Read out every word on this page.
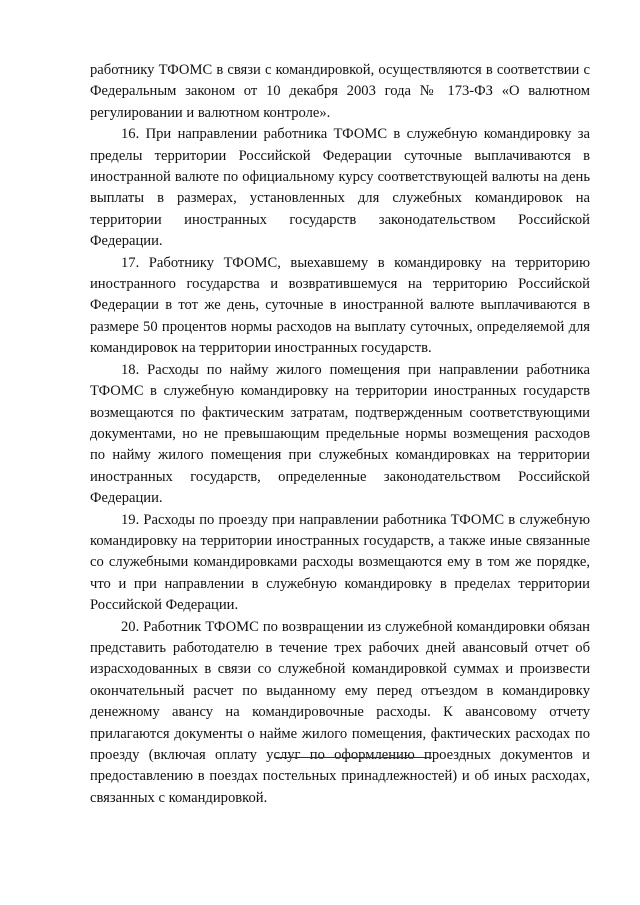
работнику ТФОМС в связи с командировкой, осуществляются в соответствии с Федеральным законом от 10 декабря 2003 года № 173-ФЗ «О валютном регулировании и валютном контроле».

16. При направлении работника ТФОМС в служебную командировку за пределы территории Российской Федерации суточные выплачиваются в иностранной валюте по официальному курсу соответствующей валюты на день выплаты в размерах, установленных для служебных командировок на территории иностранных государств законодательством Российской Федерации.

17. Работнику ТФОМС, выехавшему в командировку на территорию иностранного государства и возвратившемуся на территорию Российской Федерации в тот же день, суточные в иностранной валюте выплачиваются в размере 50 процентов нормы расходов на выплату суточных, определяемой для командировок на территории иностранных государств.

18. Расходы по найму жилого помещения при направлении работника ТФОМС в служебную командировку на территории иностранных государств возмещаются по фактическим затратам, подтвержденным соответствующими документами, но не превышающим предельные нормы возмещения расходов по найму жилого помещения при служебных командировках на территории иностранных государств, определенные законодательством Российской Федерации.

19. Расходы по проезду при направлении работника ТФОМС в служебную командировку на территории иностранных государств, а также иные связанные со служебными командировками расходы возмещаются ему в том же порядке, что и при направлении в служебную командировку в пределах территории Российской Федерации.

20. Работник ТФОМС по возвращении из служебной командировки обязан представить работодателю в течение трех рабочих дней авансовый отчет об израсходованных в связи со служебной командировкой суммах и произвести окончательный расчет по выданному ему перед отъездом в командировку денежному авансу на командировочные расходы. К авансовому отчету прилагаются документы о найме жилого помещения, фактических расходах по проезду (включая оплату услуг по оформлению проездных документов и предоставлению в поездах постельных принадлежностей) и об иных расходах, связанных с командировкой.
